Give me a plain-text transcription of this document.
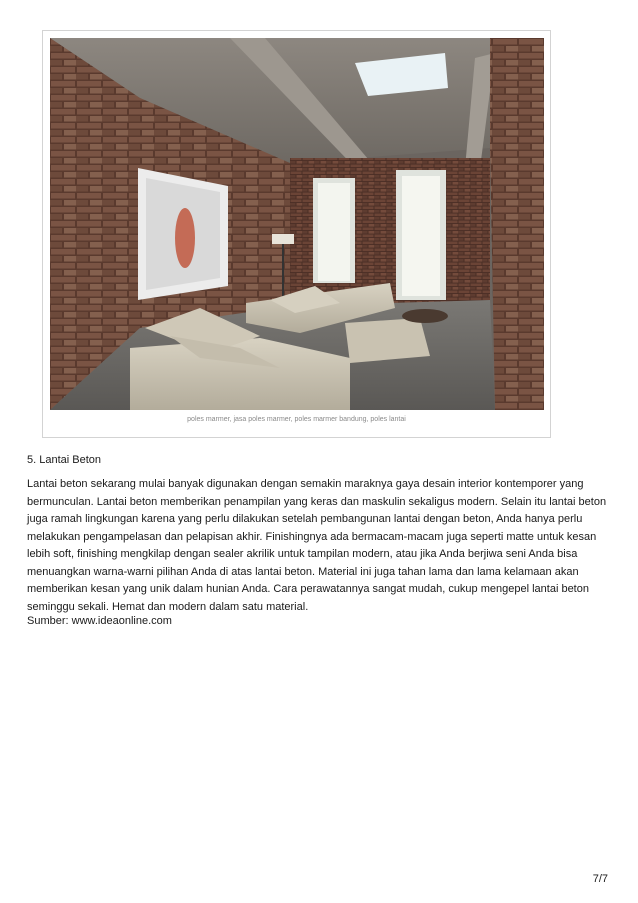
poles marmer, jasa poles marmer, poles marmer bandung, poles lantai
5. Lantai Beton

Lantai beton sekarang mulai banyak digunakan dengan semakin maraknya gaya desain interior kontemporer yang bermunculan. Lantai beton memberikan penampilan yang keras dan maskulin sekaligus modern. Selain itu lantai beton juga ramah lingkungan karena yang perlu dilakukan setelah pembangunan lantai dengan beton, Anda hanya perlu melakukan pengampelasan dan pelapisan akhir. Finishingnya ada bermacam-macam juga seperti matte untuk kesan lebih soft, finishing mengkilap dengan sealer akrilik untuk tampilan modern, atau jika Anda berjiwa seni Anda bisa menuangkan warna-warni pilihan Anda di atas lantai beton. Material ini juga tahan lama dan lama kelamaan akan memberikan kesan yang unik dalam hunian Anda. Cara perawatannya sangat mudah, cukup mengepel lantai beton seminggu sekali. Hemat dan modern dalam satu material.

Sumber: www.ideaonline.com
7/7
